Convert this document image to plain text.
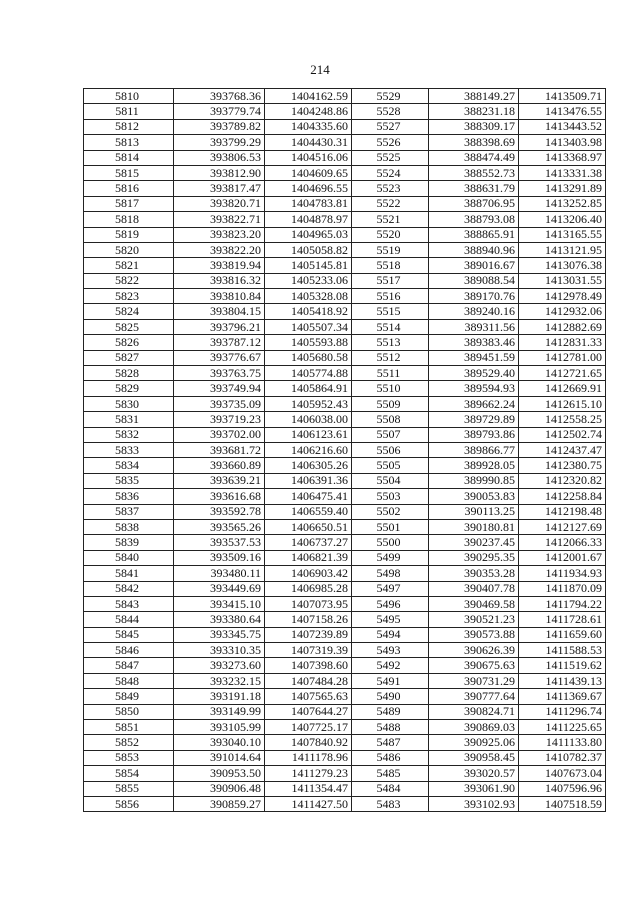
214
5810	393768.36	1404162.59	5529	388149.27	1413509.71
5811	393779.74	1404248.86	5528	388231.18	1413476.55
5812	393789.82	1404335.60	5527	388309.17	1413443.52
5813	393799.29	1404430.31	5526	388398.69	1413403.98
5814	393806.53	1404516.06	5525	388474.49	1413368.97
5815	393812.90	1404609.65	5524	388552.73	1413331.38
5816	393817.47	1404696.55	5523	388631.79	1413291.89
5817	393820.71	1404783.81	5522	388706.95	1413252.85
5818	393822.71	1404878.97	5521	388793.08	1413206.40
5819	393823.20	1404965.03	5520	388865.91	1413165.55
5820	393822.20	1405058.82	5519	388940.96	1413121.95
5821	393819.94	1405145.81	5518	389016.67	1413076.38
5822	393816.32	1405233.06	5517	389088.54	1413031.55
5823	393810.84	1405328.08	5516	389170.76	1412978.49
5824	393804.15	1405418.92	5515	389240.16	1412932.06
5825	393796.21	1405507.34	5514	389311.56	1412882.69
5826	393787.12	1405593.88	5513	389383.46	1412831.33
5827	393776.67	1405680.58	5512	389451.59	1412781.00
5828	393763.75	1405774.88	5511	389529.40	1412721.65
5829	393749.94	1405864.91	5510	389594.93	1412669.91
5830	393735.09	1405952.43	5509	389662.24	1412615.10
5831	393719.23	1406038.00	5508	389729.89	1412558.25
5832	393702.00	1406123.61	5507	389793.86	1412502.74
5833	393681.72	1406216.60	5506	389866.77	1412437.47
5834	393660.89	1406305.26	5505	389928.05	1412380.75
5835	393639.21	1406391.36	5504	389990.85	1412320.82
5836	393616.68	1406475.41	5503	390053.83	1412258.84
5837	393592.78	1406559.40	5502	390113.25	1412198.48
5838	393565.26	1406650.51	5501	390180.81	1412127.69
5839	393537.53	1406737.27	5500	390237.45	1412066.33
5840	393509.16	1406821.39	5499	390295.35	1412001.67
5841	393480.11	1406903.42	5498	390353.28	1411934.93
5842	393449.69	1406985.28	5497	390407.78	1411870.09
5843	393415.10	1407073.95	5496	390469.58	1411794.22
5844	393380.64	1407158.26	5495	390521.23	1411728.61
5845	393345.75	1407239.89	5494	390573.88	1411659.60
5846	393310.35	1407319.39	5493	390626.39	1411588.53
5847	393273.60	1407398.60	5492	390675.63	1411519.62
5848	393232.15	1407484.28	5491	390731.29	1411439.13
5849	393191.18	1407565.63	5490	390777.64	1411369.67
5850	393149.99	1407644.27	5489	390824.71	1411296.74
5851	393105.99	1407725.17	5488	390869.03	1411225.65
5852	393040.10	1407840.92	5487	390925.06	1411133.80
5853	391014.64	1411178.96	5486	390958.45	1410782.37
5854	390953.50	1411279.23	5485	393020.57	1407673.04
5855	390906.48	1411354.47	5484	393061.90	1407596.96
5856	390859.27	1411427.50	5483	393102.93	1407518.59
